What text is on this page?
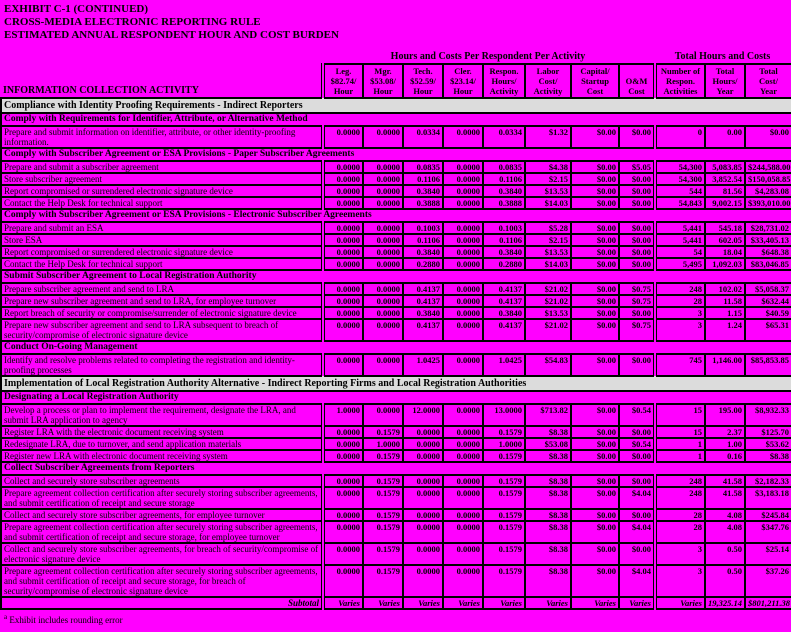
EXHIBIT C-1 (CONTINUED)
CROSS-MEDIA ELECTRONIC REPORTING RULE
ESTIMATED ANNUAL RESPONDENT HOUR AND COST BURDEN
Hours and Costs Per Respondent Per Activity	Total Hours and Costs
INFORMATION COLLECTION ACTIVITY	
Leg.
$82.74/
Hour

Mgr.
$53.08/
Hour

Tech.
$52.59/
Hour

Cler.
$23.14/
Hour

Respon.
Hours/
Activity

Labor
Cost/
Activity

Capital/
Startup
Cost

O&M
Cost

Number of
Respon.
Activities

Total
Hours/
Year

Total
Cost/
Year

Compliance with Identity Proofing Requirements - Indirect Reporters											
Comply with Requirements for Identifier, Attribute, or Alternative Method											
Prepare and submit information on identifier, attribute, or other identity-proofing information.	0.0000	0.0000	0.0334	0.0000	0.0334	$1.32	$0.00	$0.00	0	0.00	$0.00
Comply with Subscriber Agreement or ESA Provisions - Paper Subscriber Agreements											
Prepare and submit a subscriber agreement	0.0000	0.0000	0.0835	0.0000	0.0835	$4.38	$0.00	$5.05	54,300	5,083.85	$244,588.00
Store subscriber agreement	0.0000	0.0000	0.1106	0.0000	0.1106	$2.15	$0.00	$0.00	54,300	3,852.54	$150,058.85
Report compromised or surrendered electronic signature device	0.0000	0.0000	0.3840	0.0000	0.3840	$13.53	$0.00	$0.00	544	81.56	$4,283.08
Contact the Help Desk for technical support	0.0000	0.0000	0.3888	0.0000	0.3888	$14.03	$0.00	$0.00	54,843	9,002.15	$393,010.00
Comply with Subscriber Agreement or ESA Provisions - Electronic Subscriber Agreements											
Prepare and submit an ESA	0.0000	0.0000	0.1003	0.0000	0.1003	$5.28	$0.00	$0.00	5,441	545.18	$28,731.02
Store ESA	0.0000	0.0000	0.1106	0.0000	0.1106	$2.15	$0.00	$0.00	5,441	602.05	$33,405.13
Report compromised or surrendered electronic signature device	0.0000	0.0000	0.3840	0.0000	0.3840	$13.53	$0.00	$0.00	54	18.04	$648.38
Contact the Help Desk for technical support	0.0000	0.0000	0.2880	0.0000	0.2880	$14.03	$0.00	$0.00	5,495	1,092.03	$83,046.85
Submit Subscriber Agreement to Local Registration Authority											
Prepare subscriber agreement and send to LRA	0.0000	0.0000	0.4137	0.0000	0.4137	$21.02	$0.00	$0.75	248	102.02	$5,058.37
Prepare new subscriber agreement and send to LRA, for employee turnover	0.0000	0.0000	0.4137	0.0000	0.4137	$21.02	$0.00	$0.75	28	11.58	$632.44
Report breach of security or compromise/surrender of electronic signature device	0.0000	0.0000	0.3840	0.0000	0.3840	$13.53	$0.00	$0.00	3	1.15	$40.59
Prepare new subscriber agreement and send to LRA subsequent to breach of security/compromise of electronic signature device	0.0000	0.0000	0.4137	0.0000	0.4137	$21.02	$0.00	$0.75	3	1.24	$65.31
Conduct On-Going Management											
Identify and resolve problems related to completing the registration and identity-proofing processes	0.0000	0.0000	1.0425	0.0000	1.0425	$54.83	$0.00	$0.00	745	1,146.00	$85,853.85
Implementation of Local Registration Authority Alternative - Indirect Reporting Firms and Local Registration Authorities											
Designating a Local Registration Authority											
Develop a process or plan to implement the requirement, designate the LRA, and submit LRA application to agency	1.0000	0.0000	12.0000	0.0000	13.0000	$713.82	$0.00	$0.54	15	195.00	$8,932.33
Register LRA with the electronic document receiving system	0.0000	0.1579	0.0000	0.0000	0.1579	$8.38	$0.00	$0.00	15	2.37	$125.70
Redesignate LRA, due to turnover, and send application materials	0.0000	1.0000	0.0000	0.0000	1.0000	$53.08	$0.00	$0.54	1	1.00	$53.62
Register new LRA with electronic document receiving system	0.0000	0.1579	0.0000	0.0000	0.1579	$8.38	$0.00	$0.00	1	0.16	$8.38
Collect Subscriber Agreements from Reporters											
Collect and securely store subscriber agreements	0.0000	0.1579	0.0000	0.0000	0.1579	$8.38	$0.00	$0.00	248	41.58	$2,182.33
Prepare agreement collection certification after securely storing subscriber agreements, and submit certification of receipt and secure storage	0.0000	0.1579	0.0000	0.0000	0.1579	$8.38	$0.00	$4.04	248	41.58	$3,183.18
Collect and securely store subscriber agreements, for employee turnover	0.0000	0.1579	0.0000	0.0000	0.1579	$8.38	$0.00	$0.00	28	4.08	$245.84
Prepare agreement collection certification after securely storing subscriber agreements, and submit certification of receipt and secure storage, for employee turnover	0.0000	0.1579	0.0000	0.0000	0.1579	$8.38	$0.00	$4.04	28	4.08	$347.76
Collect and securely store subscriber agreements, for breach of security/compromise of electronic signature device	0.0000	0.1579	0.0000	0.0000	0.1579	$8.38	$0.00	$0.00	3	0.50	$25.14
Prepare agreement collection certification after securely storing subscriber agreements, and submit certification of receipt and secure storage, for breach of security/compromise of electronic signature device	0.0000	0.1579	0.0000	0.0000	0.1579	$8.38	$0.00	$4.04	3	0.50	$37.26
Subtotal	Varies	Varies	Varies	Varies	Varies	Varies	Varies	Varies	Varies	19,325.14	$801,211.38
$^a$ Exhibit includes rounding error
